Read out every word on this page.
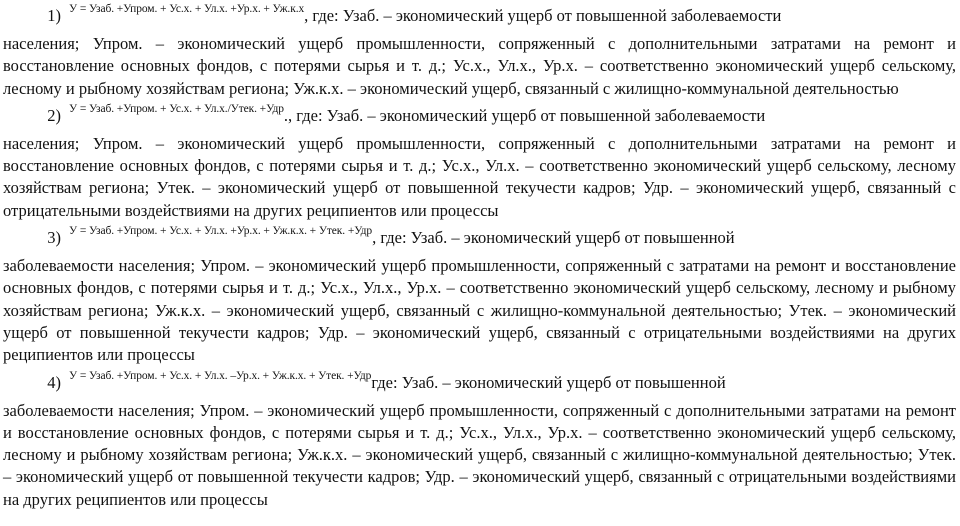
1) У = Узаб. +Упром. + Ус.х. + Ул.х. +Ур.х. + Уж.к.х , где: Узаб. – экономический ущерб от повышенной заболеваемости
населения; Упром. – экономический ущерб промышленности, сопряженный с дополнительными затратами на ремонт и восстановление основных фондов, с потерями сырья и т. д.; Ус.х., Ул.х., Ур.х. – соответственно экономический ущерб сельскому, лесному и рыбному хозяйствам региона; Уж.к.х. – экономический ущерб, связанный с жилищно-коммунальной деятельностью
2) У = Узаб. +Упром. + Ус.х. + Ул.х./Утек. +Удр ., где: Узаб. – экономический ущерб от повышенной заболеваемости
населения; Упром. – экономический ущерб промышленности, сопряженный с дополнительными затратами на ремонт и восстановление основных фондов, с потерями сырья и т. д.; Ус.х., Ул.х. – соответственно экономический ущерб сельскому, лесному хозяйствам региона; Утек. – экономический ущерб от повышенной текучести кадров; Удр. – экономический ущерб, связанный с отрицательными воздействиями на других реципиентов или процессы
3) У = Узаб. +Упром. + Ус.х. + Ул.х. +Ур.х. + Уж.к.х. + Утек. +Удр , где: Узаб. – экономический ущерб от повышенной
заболеваемости населения; Упром. – экономический ущерб промышленности, сопряженный с затратами на ремонт и восстановление основных фондов, с потерями сырья и т. д.; Ус.х., Ул.х., Ур.х. – соответственно экономический ущерб сельскому, лесному и рыбному хозяйствам региона; Уж.к.х. – экономический ущерб, связанный с жилищно-коммунальной деятельностью; Утек. – экономический ущерб от повышенной текучести кадров; Удр. – экономический ущерб, связанный с отрицательными воздействиями на других реципиентов или процессы
4) У = Узаб. +Упром. + Ус.х. + Ул.х. –Ур.х. + Уж.к.х. + Утек. +Удр где: Узаб. – экономический ущерб от повышенной
заболеваемости населения; Упром. – экономический ущерб промышленности, сопряженный с дополнительными затратами на ремонт и восстановление основных фондов, с потерями сырья и т. д.; Ус.х., Ул.х., Ур.х. – соответственно экономический ущерб сельскому, лесному и рыбному хозяйствам региона; Уж.к.х. – экономический ущерб, связанный с жилищно-коммунальной деятельностью; Утек. – экономический ущерб от повышенной текучести кадров; Удр. – экономический ущерб, связанный с отрицательными воздействиями на других реципиентов или процессы
